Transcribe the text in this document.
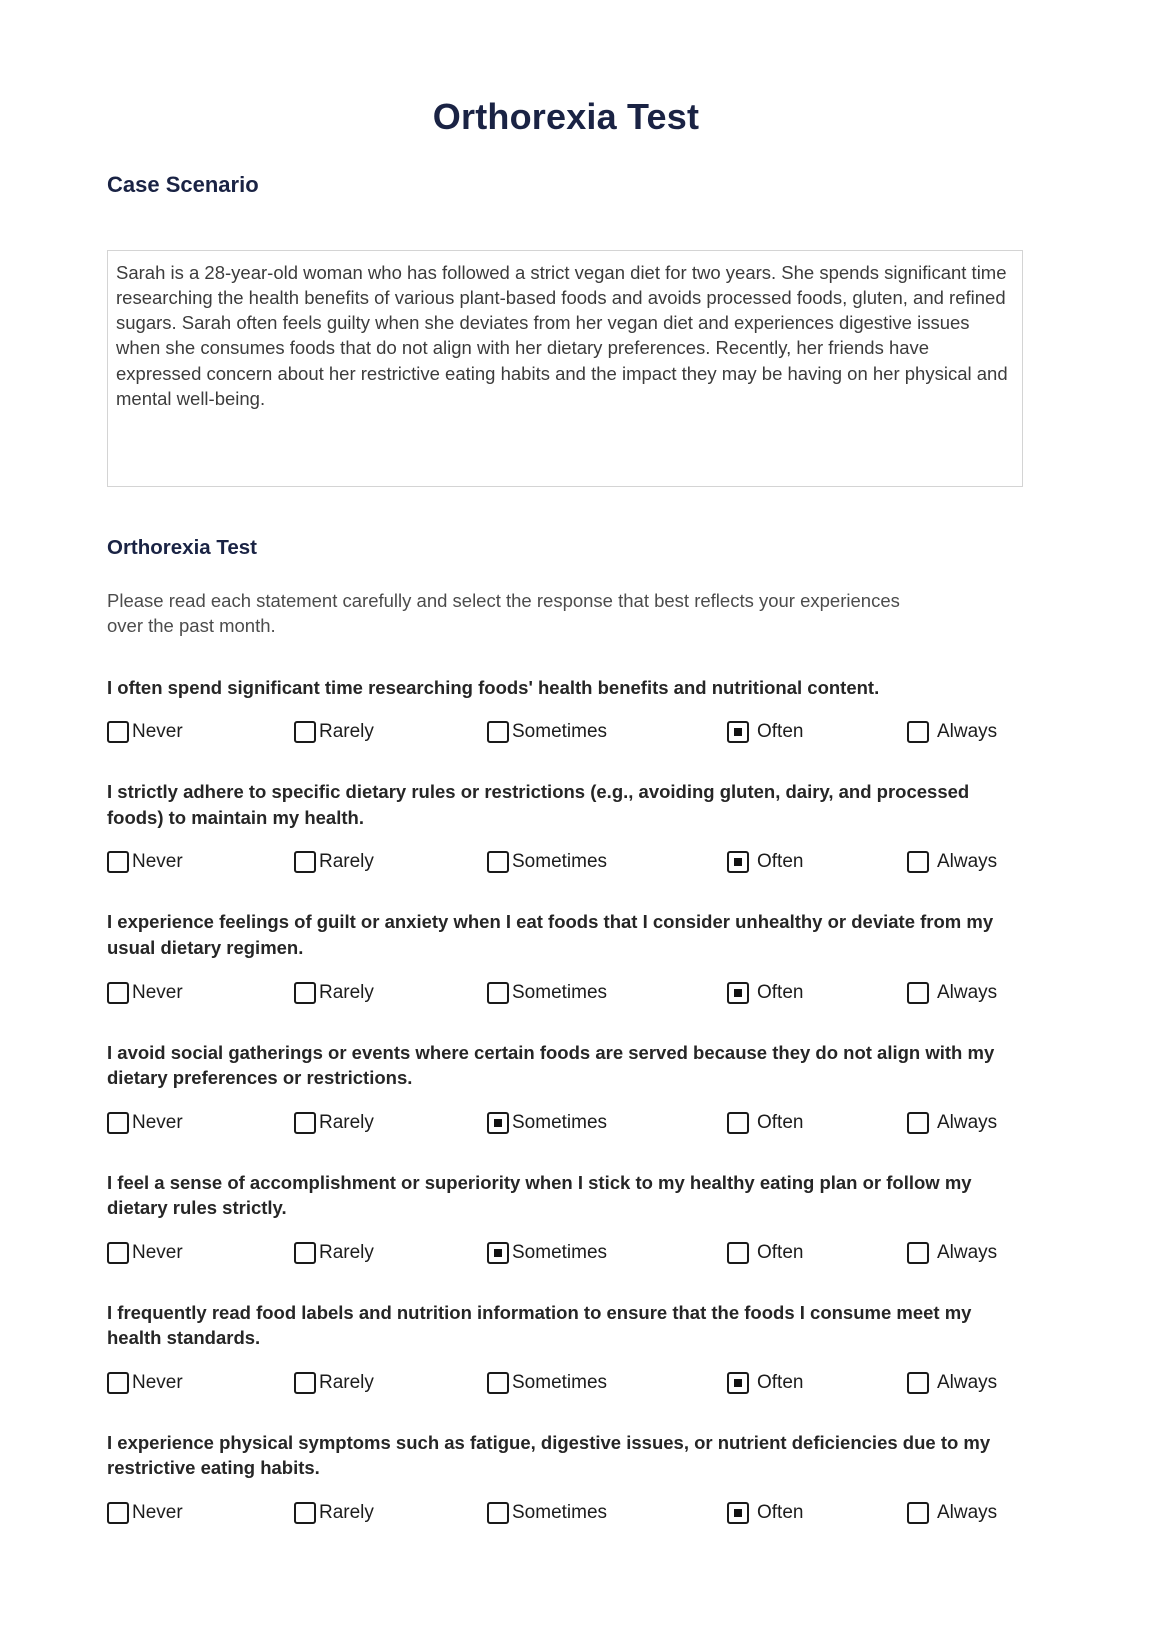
Orthorexia Test
Case Scenario

Sarah is a 28-year-old woman who has followed a strict vegan diet for two years. She spends significant time researching the health benefits of various plant-based foods and avoids processed foods, gluten, and refined sugars. Sarah often feels guilty when she deviates from her vegan diet and experiences digestive issues when she consumes foods that do not align with her dietary preferences. Recently, her friends have expressed concern about her restrictive eating habits and the impact they may be having on her physical and mental well-being.

Orthorexia Test

Please read each statement carefully and select the response that best reflects your experiences over the past month.

I often spend significant time researching foods' health benefits and nutritional content.

Never	Rarely	Sometimes	Often	Always

I strictly adhere to specific dietary rules or restrictions (e.g., avoiding gluten, dairy, and processed foods) to maintain my health.

Never	Rarely	Sometimes	Often	Always

I experience feelings of guilt or anxiety when I eat foods that I consider unhealthy or deviate from my usual dietary regimen.

Never	Rarely	Sometimes	Often	Always

I avoid social gatherings or events where certain foods are served because they do not align with my dietary preferences or restrictions.

Never	Rarely	Sometimes	Often	Always

I feel a sense of accomplishment or superiority when I stick to my healthy eating plan or follow my dietary rules strictly.

Never	Rarely	Sometimes	Often	Always

I frequently read food labels and nutrition information to ensure that the foods I consume meet my health standards.

Never	Rarely	Sometimes	Often	Always

I experience physical symptoms such as fatigue, digestive issues, or nutrient deficiencies due to my restrictive eating habits.

Never	Rarely	Sometimes	Often	Always
